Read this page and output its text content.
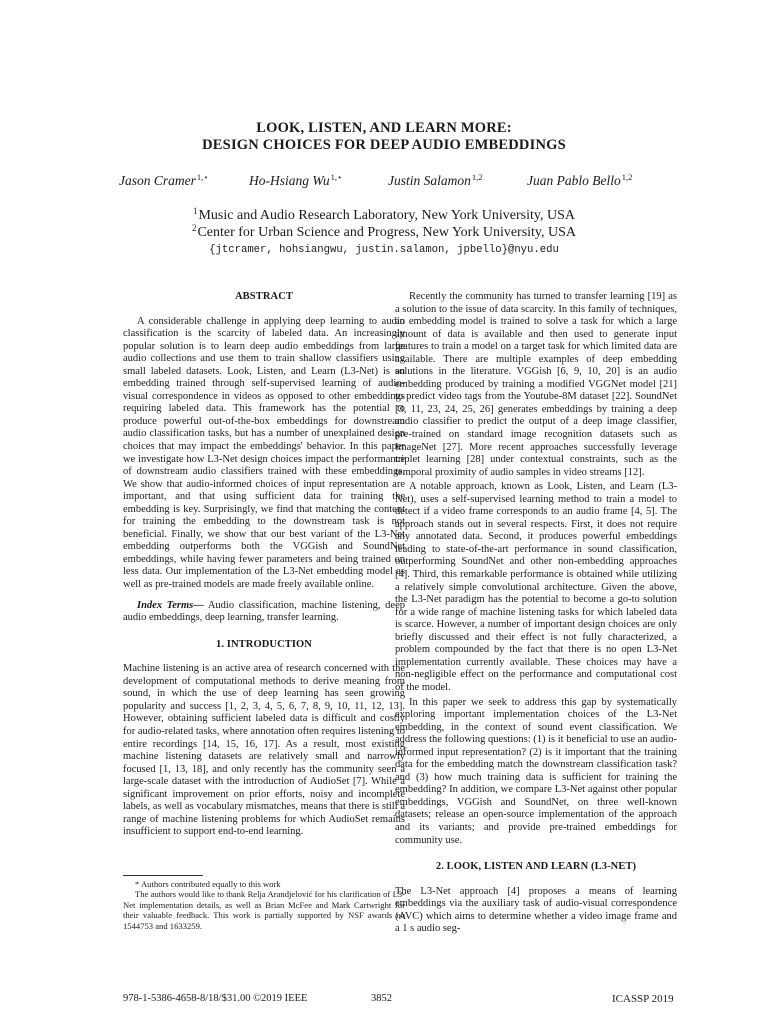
LOOK, LISTEN, AND LEARN MORE:
DESIGN CHOICES FOR DEEP AUDIO EMBEDDINGS
Jason Cramer$^{1,⋆}$	Ho-Hsiang $Wu^{1,⋆}$	Justin Salamon$^{1,2}$	Juan Pablo Bello$^{1,2}$
$^1$Music and Audio Research Laboratory, New York University, USA
$^2$Center for Urban Science and Progress, New York University, USA
{jtcramer, hohsiangwu, justin.salamon, jpbello}@nyu.edu
ABSTRACT

A considerable challenge in applying deep learning to audio classification is the scarcity of labeled data. An increasingly popular solution is to learn deep audio embeddings from large audio collections and use them to train shallow classifiers using small labeled datasets. Look, Listen, and Learn (L3-Net) is an embedding trained through self-supervised learning of audio-visual correspondence in videos as opposed to other embeddings requiring labeled data. This framework has the potential to produce powerful out-of-the-box embeddings for downstream audio classification tasks, but has a number of unexplained design choices that may impact the embeddings' behavior. In this paper we investigate how L3-Net design choices impact the performance of downstream audio classifiers trained with these embeddings. We show that audio-informed choices of input representation are important, and that using sufficient data for training the embedding is key. Surprisingly, we find that matching the content for training the embedding to the downstream task is not beneficial. Finally, we show that our best variant of the L3-Net embedding outperforms both the VGGish and SoundNet embeddings, while having fewer parameters and being trained on less data. Our implementation of the L3-Net embedding model as well as pre-trained models are made freely available online.

Index Terms— Audio classification, machine listening, deep audio embeddings, deep learning, transfer learning.

1. INTRODUCTION

Machine listening is an active area of research concerned with the development of computational methods to derive meaning from sound, in which the use of deep learning has seen growing popularity and success [1, 2, 3, 4, 5, 6, 7, 8, 9, 10, 11, 12, 13]. However, obtaining sufficient labeled data is difficult and costly for audio-related tasks, where annotation often requires listening to entire recordings [14, 15, 16, 17]. As a result, most existing machine listening datasets are relatively small and narrowly focused [1, 13, 18], and only recently has the community seen a large-scale dataset with the introduction of AudioSet [7]. While a significant improvement on prior efforts, noisy and incomplete labels, as well as vocabulary mismatches, means that there is still a range of machine listening problems for which AudioSet remains insufficient to support end-to-end learning.

* Authors contributed equally to this work

The authors would like to thank Relja Arandjelović for his clarification of L3-Net implementation details, as well as Brian McFee and Mark Cartwright for their valuable feedback. This work is partially supported by NSF awards no 1544753 and 1633259.

Recently the community has turned to transfer learning [19] as a solution to the issue of data scarcity. In this family of techniques, an embedding model is trained to solve a task for which a large amount of data is available and then used to generate input features to train a model on a target task for which limited data are available. There are multiple examples of deep embedding solutions in the literature. VGGish [6, 9, 10, 20] is an audio embedding produced by training a modified VGGNet model [21] to predict video tags from the Youtube-8M dataset [22]. SoundNet [3, 11, 23, 24, 25, 26] generates embeddings by training a deep audio classifier to predict the output of a deep image classifier, pre-trained on standard image recognition datasets such as ImageNet [27]. More recent approaches successfully leverage triplet learning [28] under contextual constraints, such as the temporal proximity of audio samples in video streams [12].

A notable approach, known as Look, Listen, and Learn (L3-Net), uses a self-supervised learning method to train a model to detect if a video frame corresponds to an audio frame [4, 5]. The approach stands out in several respects. First, it does not require any annotated data. Second, it produces powerful embeddings leading to state-of-the-art performance in sound classification, outperforming SoundNet and other non-embedding approaches [4]. Third, this remarkable performance is obtained while utilizing a relatively simple convolutional architecture. Given the above, the L3-Net paradigm has the potential to become a go-to solution for a wide range of machine listening tasks for which labeled data is scarce. However, a number of important design choices are only briefly discussed and their effect is not fully characterized, a problem compounded by the fact that there is no open L3-Net implementation currently available. These choices may have a non-negligible effect on the performance and computational cost of the model.

In this paper we seek to address this gap by systematically exploring important implementation choices of the L3-Net embedding, in the context of sound event classification. We address the following questions: (1) is it beneficial to use an audio-informed input representation? (2) is it important that the training data for the embedding match the downstream classification task? and (3) how much training data is sufficient for training the embedding? In addition, we compare L3-Net against other popular embeddings, VGGish and SoundNet, on three well-known datasets; release an open-source implementation of the approach and its variants; and provide pre-trained embeddings for community use.

2. LOOK, LISTEN AND LEARN (L3-NET)

The L3-Net approach [4] proposes a means of learning embeddings via the auxiliary task of audio-visual correspondence (AVC) which aims to determine whether a video image frame and a 1 s audio seg-

978-1-5386-4658-8/18/$31.00 ©2019 IEEE	3852	ICASSP 2019
